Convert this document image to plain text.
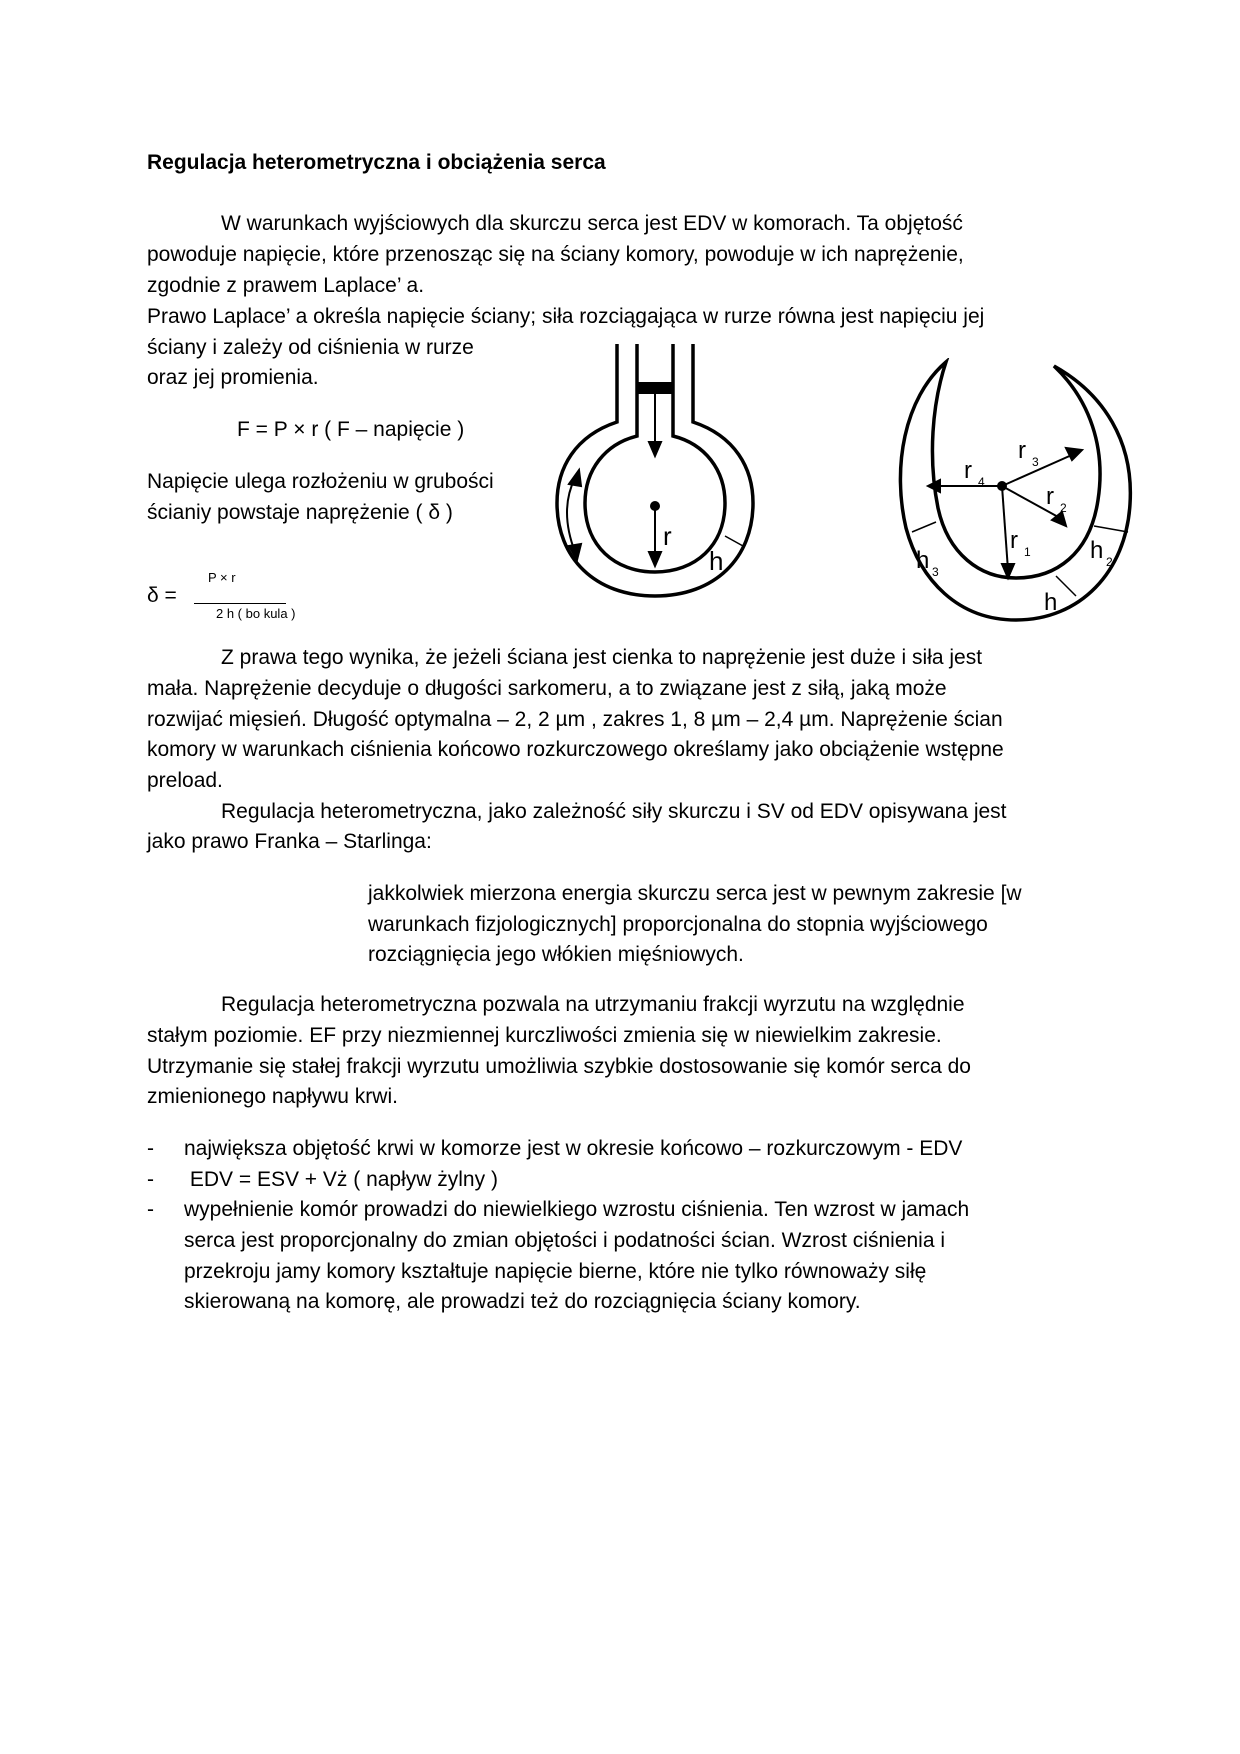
Regulacja heterometryczna i obciążenia serca
W warunkach wyjściowych dla skurczu serca jest EDV w komorach. Ta objętość
powoduje napięcie, które przenosząc się na ściany komory, powoduje w ich naprężenie,
zgodnie z prawem Laplace’ a.
Prawo Laplace’ a określa napięcie ściany; siła rozciągająca w rurze równa jest napięciu jej
ściany i zależy od ciśnienia w rurze
oraz jej promienia.
F = P × r ( F – napięcie )
Napięcie ulega rozłożeniu w grubości
ścianiy powstaje naprężenie ( δ )
δ =
P × r
2 h ( bo kula )
r
h
r 4
r 3
r 2
r 1
h 3
h 2
h
Z prawa tego wynika, że jeżeli ściana jest cienka to naprężenie jest duże i siła jest
mała. Naprężenie decyduje o długości sarkomeru, a to związane jest z siłą, jaką może
rozwijać mięsień. Długość optymalna – 2, 2 µm , zakres 1, 8 µm – 2,4 µm. Naprężenie ścian
komory w warunkach ciśnienia końcowo rozkurczowego określamy jako obciążenie wstępne
preload.
Regulacja heterometryczna, jako zależność siły skurczu i SV od EDV opisywana jest
jako prawo Franka – Starlinga:
jakkolwiek mierzona energia skurczu serca jest w pewnym zakresie [w
warunkach fizjologicznych] proporcjonalna do stopnia wyjściowego
rozciągnięcia jego włókien mięśniowych.
Regulacja heterometryczna pozwala na utrzymaniu frakcji wyrzutu na względnie
stałym poziomie. EF przy niezmiennej kurczliwości zmienia się w niewielkim zakresie.
Utrzymanie się stałej frakcji wyrzutu umożliwia szybkie dostosowanie się komór serca do
zmienionego napływu krwi.
- największa objętość krwi w komorze jest w okresie końcowo – rozkurczowym - EDV
- EDV = ESV + Vż ( napływ żylny )
- wypełnienie komór prowadzi do niewielkiego wzrostu ciśnienia. Ten wzrost w jamach
serca jest proporcjonalny do zmian objętości i podatności ścian. Wzrost ciśnienia i
przekroju jamy komory kształtuje napięcie bierne, które nie tylko równoważy siłę
skierowaną na komorę, ale prowadzi też do rozciągnięcia ściany komory.
